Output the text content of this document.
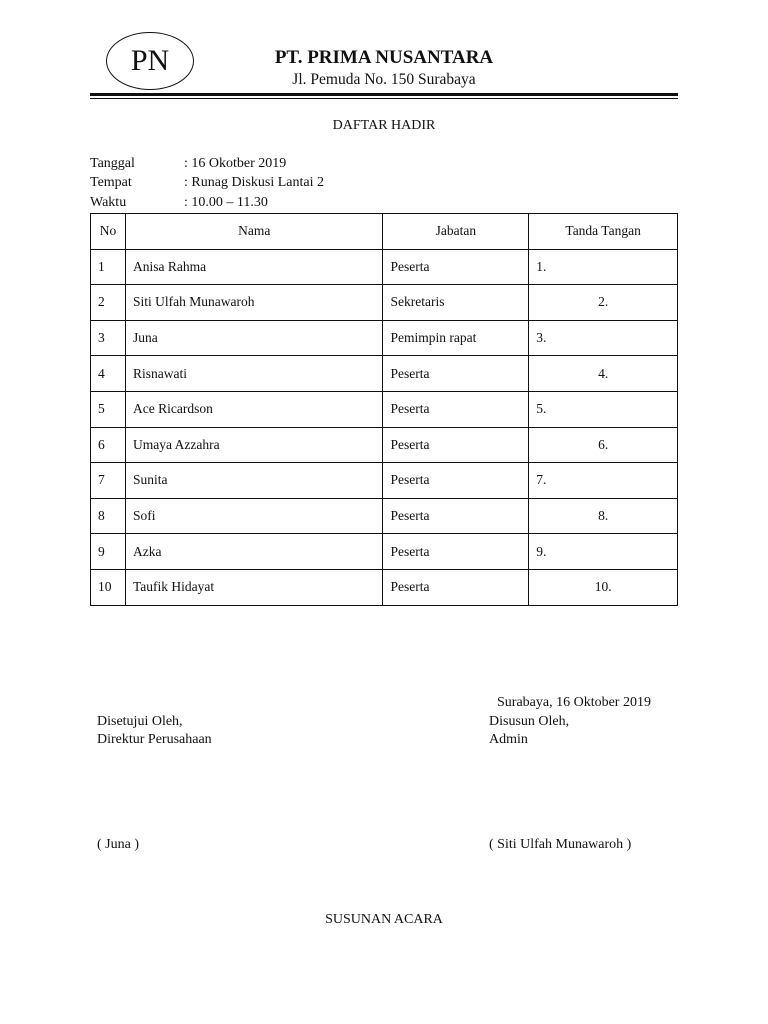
PN	PT. PRIMA NUSANTARA
Jl. Pemuda No. 150 Surabaya
DAFTAR HADIR
Tanggal	: 16 Okotber 2019
Tempat	: Runag Diskusi Lantai 2
Waktu	: 10.00 – 11.30
No	Nama	Jabatan	Tanda Tangan
1	Anisa Rahma	Peserta	1.
2	Siti Ulfah Munawaroh	Sekretaris	2.
3	Juna	Pemimpin rapat	3.
4	Risnawati	Peserta	4.
5	Ace Ricardson	Peserta	5.
6	Umaya Azzahra	Peserta	6.
7	Sunita	Peserta	7.
8	Sofi	Peserta	8.
9	Azka	Peserta	9.
10	Taufik Hidayat	Peserta	10.
Surabaya, 16 Oktober 2019
Disetujui Oleh,
Direktur Perusahaan
Disusun Oleh,
Admin
( Juna )	( Siti Ulfah Munawaroh )
SUSUNAN ACARA
